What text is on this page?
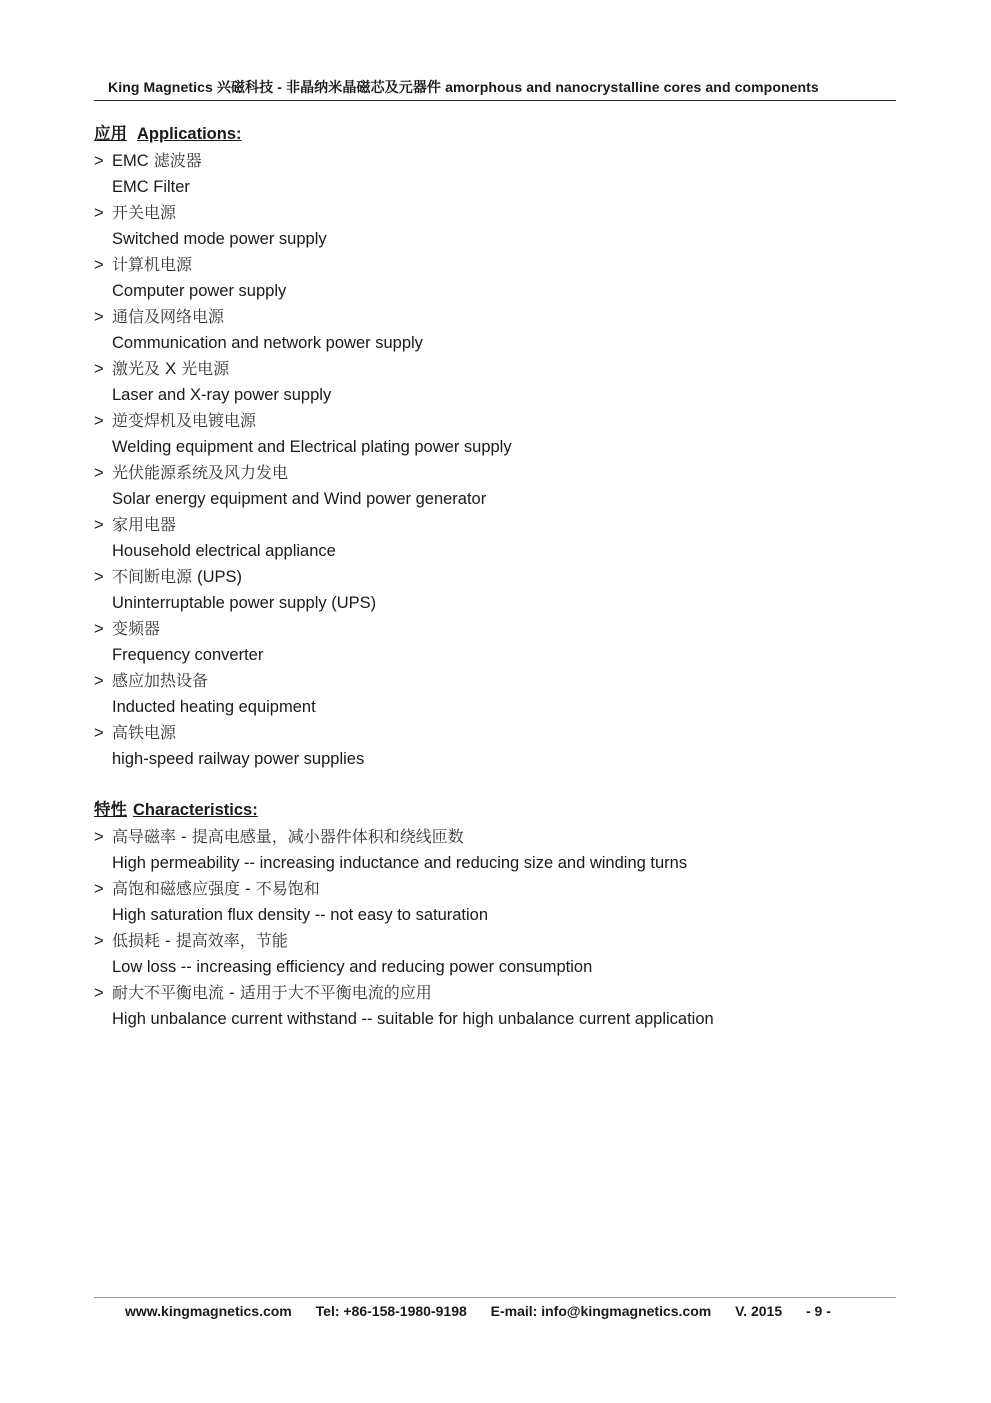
King Magnetics 兴磁科技 - 非晶纳米晶磁芯及元器件 amorphous and nanocrystalline cores and components
应用 Applications:
> EMC 滤波器
EMC Filter
> 开关电源
Switched mode power supply
> 计算机电源
Computer power supply
> 通信及网络电源
Communication and network power supply
> 激光及 X 光电源
Laser and X-ray power supply
> 逆变焊机及电镀电源
Welding equipment and Electrical plating power supply
> 光伏能源系统及风力发电
Solar energy equipment and Wind power generator
> 家用电器
Household electrical appliance
> 不间断电源 (UPS)
Uninterruptable power supply (UPS)
> 变频器
Frequency converter
> 感应加热设备
Inducted heating equipment
> 高铁电源
high-speed railway power supplies
特性 Characteristics:
> 高导磁率 - 提高电感量，减小器件体积和绕线匝数
High permeability -- increasing inductance and reducing size and winding turns
> 高饱和磁感应强度 - 不易饱和
High saturation flux density -- not easy to saturation
> 低损耗 - 提高效率，节能
Low loss -- increasing efficiency and reducing power consumption
> 耐大不平衡电流 - 适用于大不平衡电流的应用
High unbalance current withstand -- suitable for high unbalance current application
www.kingmagnetics.com Tel: +86-158-1980-9198 E-mail: info@kingmagnetics.com V. 2015 - 9 -
